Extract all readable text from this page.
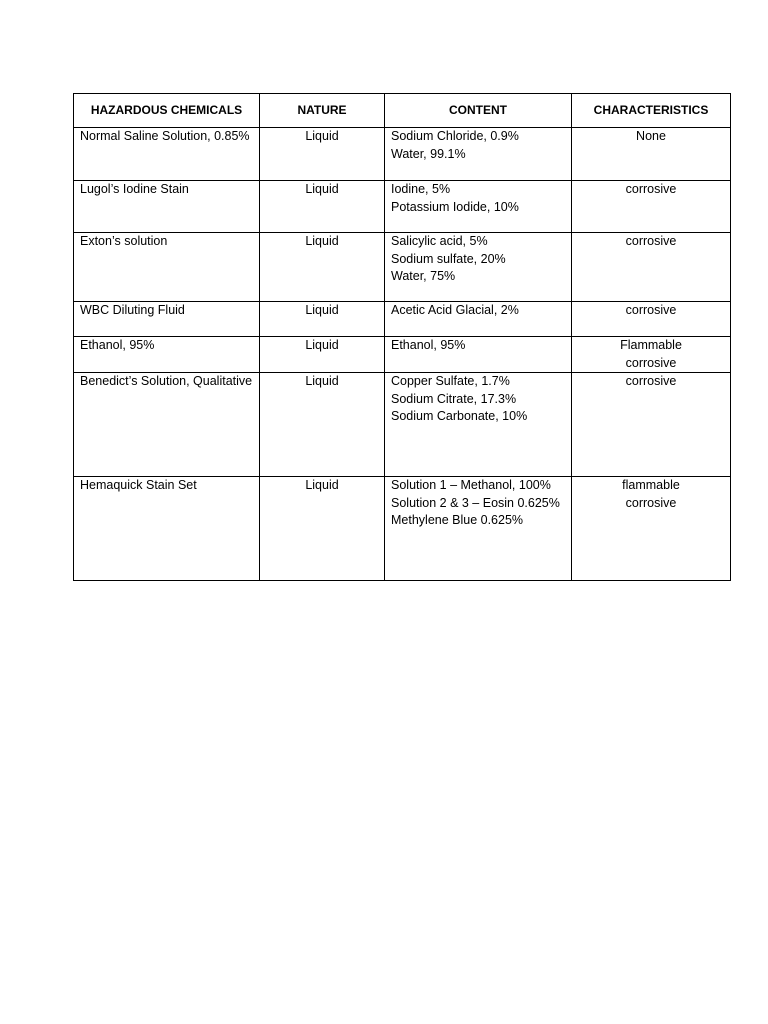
HAZARDOUS CHEMICALS	NATURE	CONTENT	CHARACTERISTICS

Normal Saline Solution, 0.85%	Liquid	Sodium Chloride, 0.9%
Water, 99.1%	None

Lugol’s Iodine Stain	Liquid	Iodine, 5%
Potassium Iodide, 10%	corrosive

Exton’s solution	Liquid	Salicylic acid, 5%
Sodium sulfate, 20%
Water, 75%	corrosive

WBC Diluting Fluid	Liquid	Acetic Acid Glacial, 2%	corrosive

Ethanol, 95%	Liquid	Ethanol, 95%	Flammable
corrosive

Benedict’s Solution, Qualitative	Liquid	Copper Sulfate, 1.7%
Sodium Citrate, 17.3%
Sodium Carbonate, 10%	corrosive

Hemaquick Stain Set	Liquid	Solution 1 – Methanol, 100%
Solution 2 & 3 – Eosin 0.625%
Methylene Blue 0.625%	flammable
corrosive
